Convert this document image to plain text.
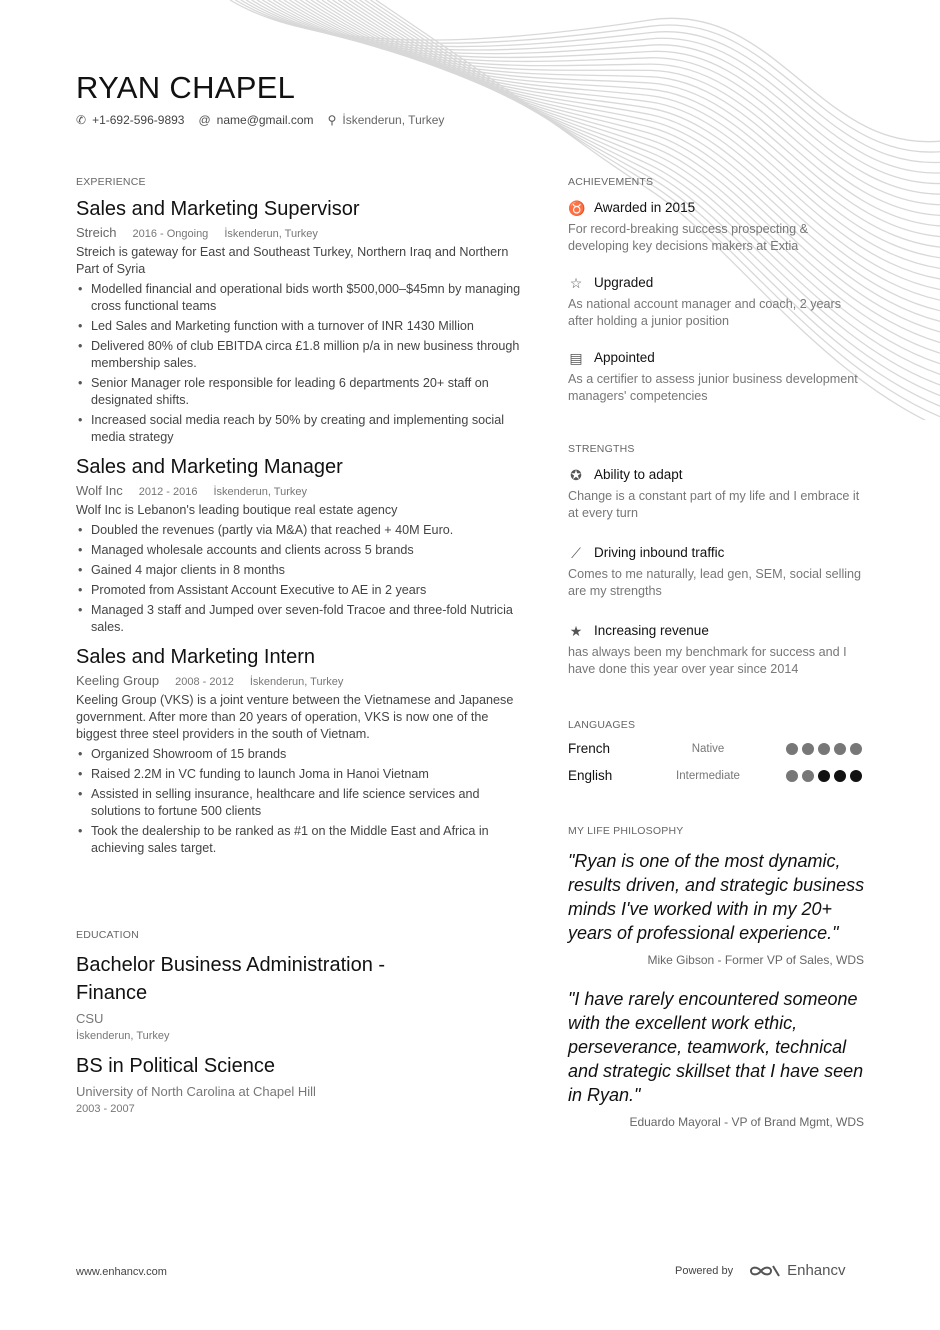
RYAN CHAPEL
✆ +1-692-596-9893 @ name@gmail.com ⚲ İskenderun, Turkey
EXPERIENCE
Sales and Marketing Supervisor
Streich 2016 - Ongoing İskenderun, Turkey
Streich is gateway for East and Southeast Turkey, Northern Iraq and Northern Part of Syria
• Modelled financial and operational bids worth $500,000–$45mn by managing cross functional teams
• Led Sales and Marketing function with a turnover of INR 1430 Million
• Delivered 80% of club EBITDA circa £1.8 million p/a in new business through membership sales.
• Senior Manager role responsible for leading 6 departments 20+ staff on designated shifts.
• Increased social media reach by 50% by creating and implementing social media strategy
Sales and Marketing Manager
Wolf Inc 2012 - 2016 İskenderun, Turkey
Wolf Inc is Lebanon's leading boutique real estate agency
• Doubled the revenues (partly via M&A) that reached + 40M Euro.
• Managed wholesale accounts and clients across 5 brands
• Gained 4 major clients in 8 months
• Promoted from Assistant Account Executive to AE in 2 years
• Managed 3 staff and Jumped over seven-fold Tracoe and three-fold Nutricia sales.
Sales and Marketing Intern
Keeling Group 2008 - 2012 İskenderun, Turkey
Keeling Group (VKS) is a joint venture between the Vietnamese and Japanese government. After more than 20 years of operation, VKS is now one of the biggest three steel providers in the south of Vietnam.
• Organized Showroom of 15 brands
• Raised 2.2M in VC funding to launch Joma in Hanoi Vietnam
• Assisted in selling insurance, healthcare and life science services and solutions to fortune 500 clients
• Took the dealership to be ranked as #1 on the Middle East and Africa in achieving sales target.
EDUCATION
Bachelor Business Administration - Finance
CSU
İskenderun, Turkey
BS in Political Science
University of North Carolina at Chapel Hill
2003 - 2007
ACHIEVEMENTS
♉ Awarded in 2015
For record-breaking success prospecting & developing key decisions makers at Extia
☆ Upgraded
As national account manager and coach, 2 years after holding a junior position
▤ Appointed
As a certifier to assess junior business development managers' competencies
STRENGTHS
✪ Ability to adapt
Change is a constant part of my life and I embrace it at every turn
⟋ Driving inbound traffic
Comes to me naturally, lead gen, SEM, social selling are my strengths
★ Increasing revenue
has always been my benchmark for success and I have done this year over year since 2014
LANGUAGES
French	Native
English	Intermediate
MY LIFE PHILOSOPHY
"Ryan is one of the most dynamic, results driven, and strategic business minds I've worked with in my 20+ years of professional experience."
Mike Gibson - Former VP of Sales, WDS
"I have rarely encountered someone with the excellent work ethic, perseverance, teamwork, technical and strategic skillset that I have seen in Ryan."
Eduardo Mayoral - VP of Brand Mgmt, WDS
www.enhancv.com	Powered by	Enhancv
